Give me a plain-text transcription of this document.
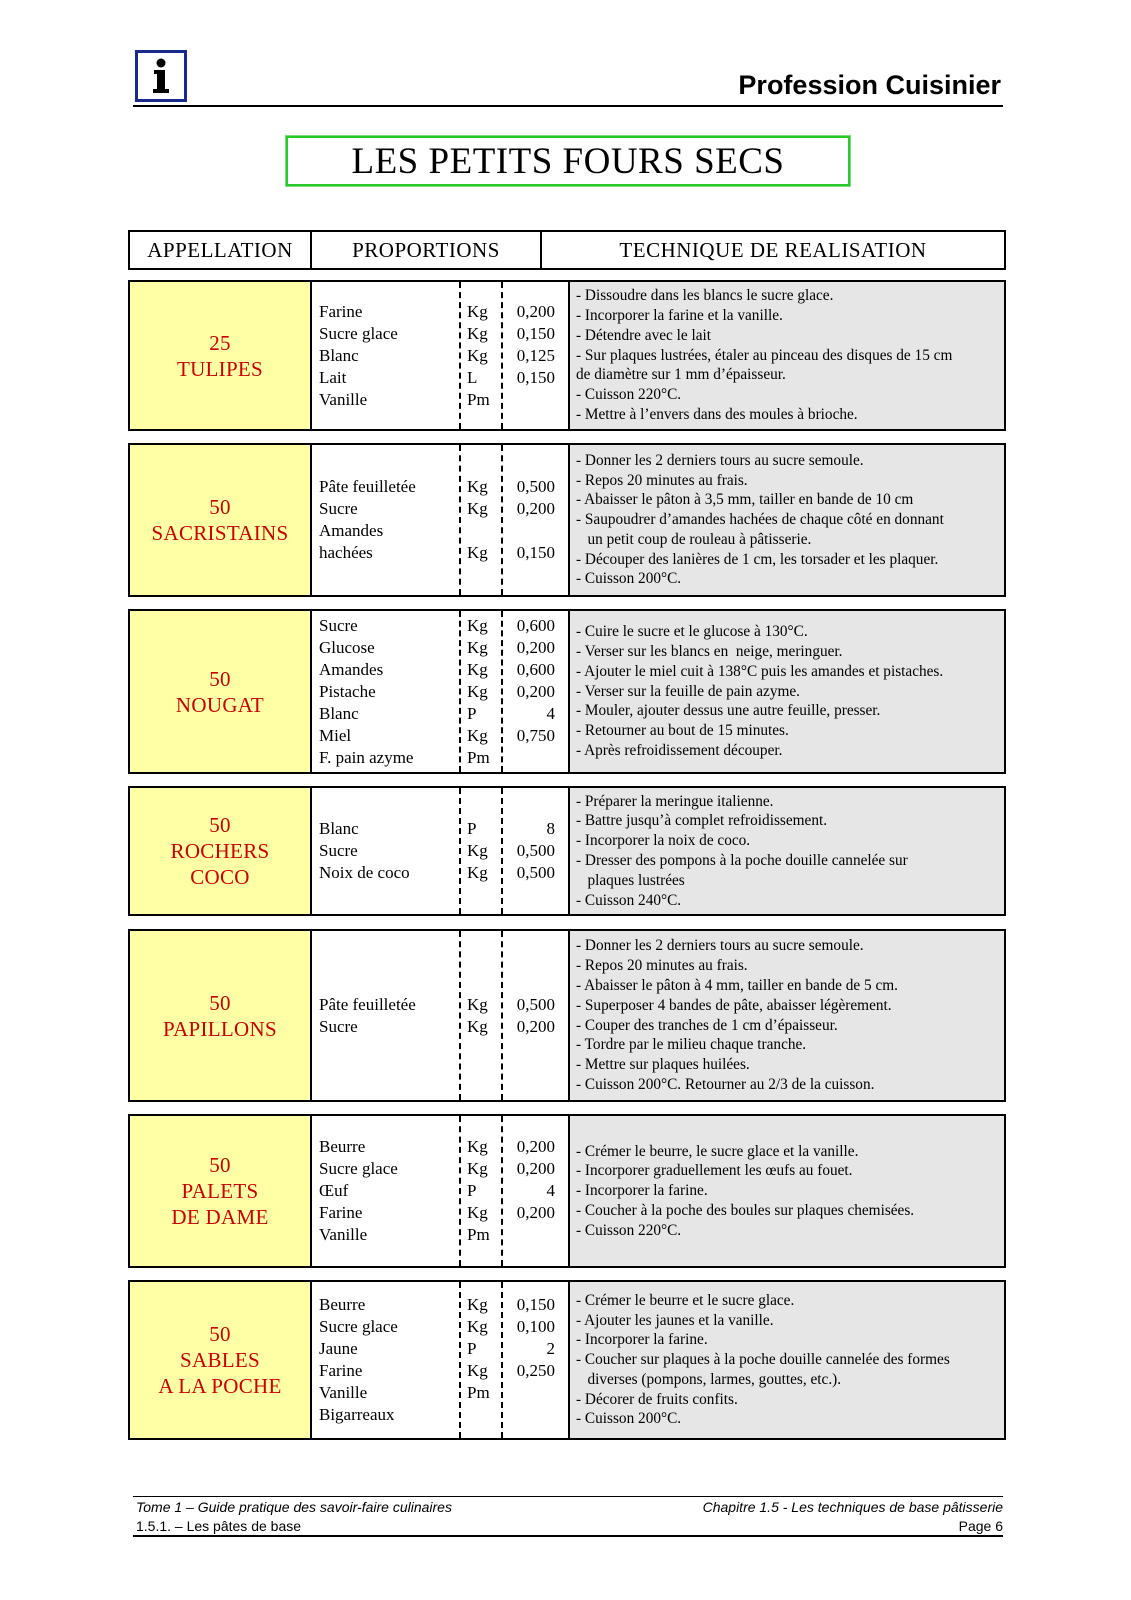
Profession Cuisinier
LES PETITS FOURS SECS
APPELLATION	PROPORTIONS	TECHNIQUE DE REALISATION
25
TULIPES
Farine	Kg	0,200
Sucre glace	Kg	0,150
Blanc	Kg	0,125
Lait	L	0,150
Vanille	Pm
- Dissoudre dans les blancs le sucre glace.
- Incorporer la farine et la vanille.
- Détendre avec le lait
- Sur plaques lustrées, étaler au pinceau des disques de 15 cm
de diamètre sur 1 mm d’épaisseur.
- Cuisson 220°C.
- Mettre à l’envers dans des moules à brioche.
50
SACRISTAINS
Pâte feuilletée	Kg	0,500
Sucre	Kg	0,200
Amandes
hachées	Kg	0,150
- Donner les 2 derniers tours au sucre semoule.
- Repos 20 minutes au frais.
- Abaisser le pâton à 3,5 mm, tailler en bande de 10 cm
- Saupoudrer d’amandes hachées de chaque côté en donnant
un petit coup de rouleau à pâtisserie.
- Découper des lanières de 1 cm, les torsader et les plaquer.
- Cuisson 200°C.
50
NOUGAT
Sucre	Kg	0,600
Glucose	Kg	0,200
Amandes	Kg	0,600
Pistache	Kg	0,200
Blanc	P	4
Miel	Kg	0,750
F. pain azyme	Pm
- Cuire le sucre et le glucose à 130°C.
- Verser sur les blancs en  neige, meringuer.
- Ajouter le miel cuit à 138°C puis les amandes et pistaches.
- Verser sur la feuille de pain azyme.
- Mouler, ajouter dessus une autre feuille, presser.
- Retourner au bout de 15 minutes.
- Après refroidissement découper.
50
ROCHERS
COCO
Blanc	P	8
Sucre	Kg	0,500
Noix de coco	Kg	0,500
- Préparer la meringue italienne.
- Battre jusqu’à complet refroidissement.
- Incorporer la noix de coco.
- Dresser des pompons à la poche douille cannelée sur
plaques lustrées
- Cuisson 240°C.
50
PAPILLONS
Pâte feuilletée	Kg	0,500
Sucre	Kg	0,200
- Donner les 2 derniers tours au sucre semoule.
- Repos 20 minutes au frais.
- Abaisser le pâton à 4 mm, tailler en bande de 5 cm.
- Superposer 4 bandes de pâte, abaisser légèrement.
- Couper des tranches de 1 cm d’épaisseur.
- Tordre par le milieu chaque tranche.
- Mettre sur plaques huilées.
- Cuisson 200°C. Retourner au 2/3 de la cuisson.
50
PALETS
DE DAME
Beurre	Kg	0,200
Sucre glace	Kg	0,200
Œuf	P	4
Farine	Kg	0,200
Vanille	Pm
- Crémer le beurre, le sucre glace et la vanille.
- Incorporer graduellement les œufs au fouet.
- Incorporer la farine.
- Coucher à la poche des boules sur plaques chemisées.
- Cuisson 220°C.
50
SABLES
A LA POCHE
Beurre	Kg	0,150
Sucre glace	Kg	0,100
Jaune	P	2
Farine	Kg	0,250
Vanille	Pm
Bigarreaux
- Crémer le beurre et le sucre glace.
- Ajouter les jaunes et la vanille.
- Incorporer la farine.
- Coucher sur plaques à la poche douille cannelée des formes
diverses (pompons, larmes, gouttes, etc.).
- Décorer de fruits confits.
- Cuisson 200°C.
Tome 1 – Guide pratique des savoir-faire culinaires
1.5.1. – Les pâtes de base
Chapitre 1.5 - Les techniques de base pâtisserie
Page 6
